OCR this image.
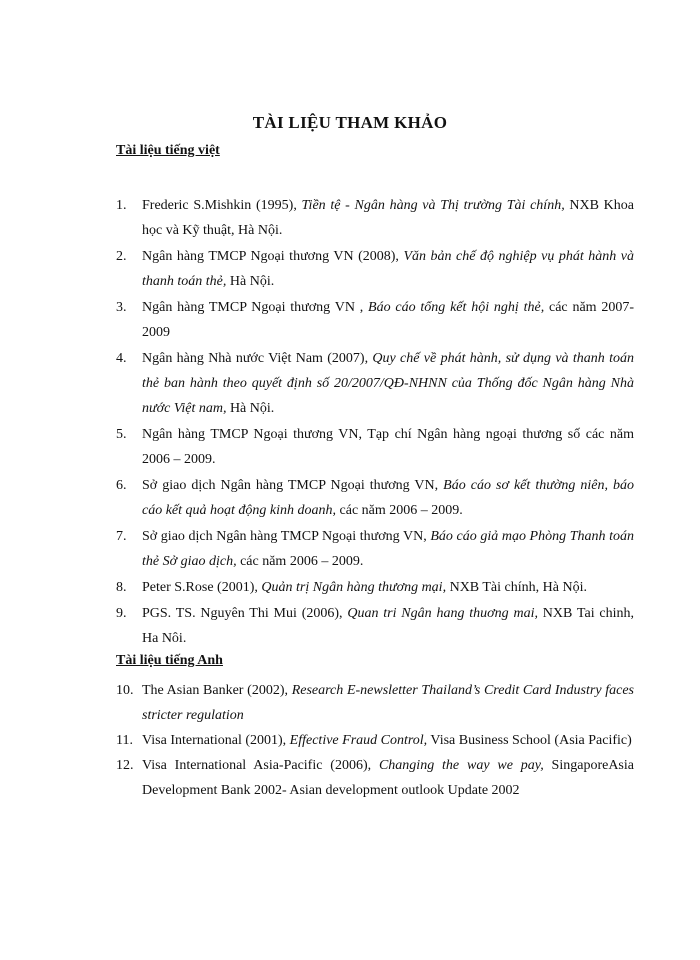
TÀI LIỆU THAM KHẢO
Tài liệu tiếng việt
1.	Frederic S.Mishkin (1995), Tiền tệ - Ngân hàng và Thị trường Tài chính, NXB Khoa học và Kỹ thuật, Hà Nội.
2.	Ngân hàng TMCP Ngoại thương VN (2008), Văn bản chế độ nghiệp vụ phát hành và thanh toán thẻ, Hà Nội.
3.	Ngân hàng TMCP Ngoại thương VN , Báo cáo tổng kết hội nghị thẻ, các năm 2007-2009
4.	Ngân hàng Nhà nước Việt Nam (2007), Quy chế về phát hành, sử dụng và thanh toán thẻ ban hành theo quyết định số 20/2007/QĐ-NHNN của Thống đốc Ngân hàng Nhà nước Việt nam, Hà Nội.
5.	Ngân hàng TMCP Ngoại thương VN, Tạp chí Ngân hàng ngoại thương số các năm 2006 – 2009.
6.	Sở giao dịch Ngân hàng TMCP Ngoại thương VN, Báo cáo sơ kết thường niên, báo cáo kết quả hoạt động kinh doanh, các năm 2006 – 2009.
7.	Sở giao dịch Ngân hàng TMCP Ngoại thương VN, Báo cáo giả mạo Phòng Thanh toán thẻ Sở giao dịch, các năm 2006 – 2009.
8.	Peter S.Rose (2001), Quản trị Ngân hàng thương mại, NXB Tài chính, Hà Nội.
9.	PGS. TS. Nguyên Thi Mui (2006), Quan tri Ngân hang thuơng mai, NXB Tai chinh, Ha Nôi.
Tài liệu tiếng Anh
10. The Asian Banker (2002), Research E-newsletter Thailand’s Credit Card Industry faces stricter regulation
11. Visa International (2001), Effective Fraud Control, Visa Business School (Asia Pacific)
12. Visa International Asia-Pacific (2006), Changing the way we pay, SingaporeAsia Development Bank 2002- Asian development outlook Update 2002
